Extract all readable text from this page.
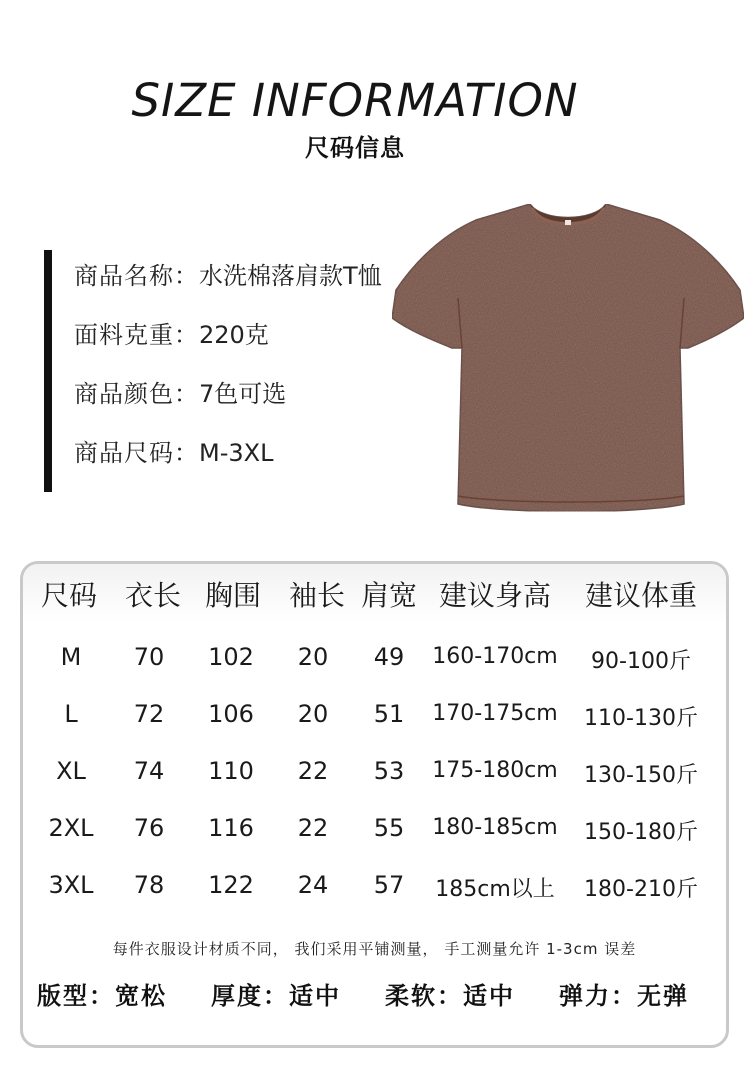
SIZE INFORMATION
尺码信息
商品名称：水洗棉落肩款T恤
面料克重：220克
商品颜色：7色可选
商品尺码：M-3XL
尺码 衣长 胸围 袖长 肩宽 建议身高	建议体重
M	70	102	20	49	160-170cm	90-100斤
L	72	106	20	51	170-175cm	110-130斤
XL	74	110	22	53	175-180cm	130-150斤
2XL	76	116	22	55	180-185cm	150-180斤
3XL	78	122	24	57	185cm以上	180-210斤
每件衣服设计材质不同， 我们采用平铺测量， 手工测量允许 1-3cm 误差
版型：宽松 厚度：适中 柔软：适中 弹力：无弹
